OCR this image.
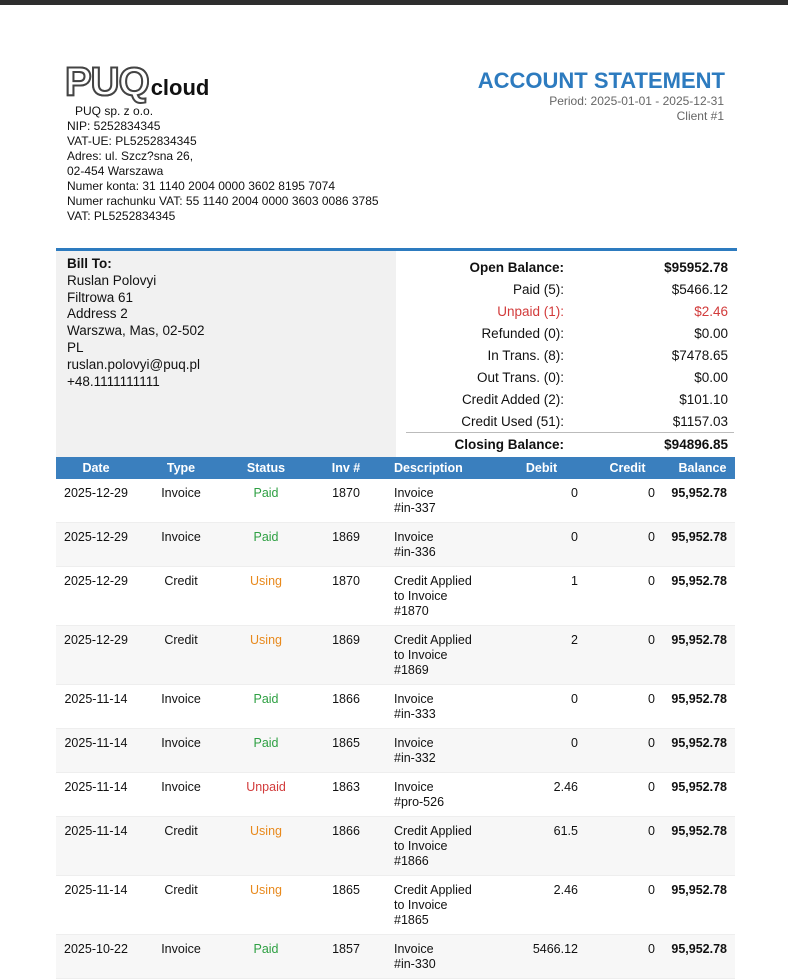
PUQ cloud
PUQ sp. z o.o.
NIP: 5252834345
VAT-UE: PL5252834345
Adres: ul. Szcz?sna 26,
02-454 Warszawa
Numer konta: 31 1140 2004 0000 3602 8195 7074
Numer rachunku VAT: 55 1140 2004 0000 3603 0086 3785
VAT: PL5252834345
ACCOUNT STATEMENT
Period: 2025-01-01 - 2025-12-31
Client #1
Bill To:
Ruslan Polovyi
Filtrowa 61
Address 2
Warszwa, Mas, 02-502
PL
ruslan.polovyi@puq.pl
+48.1111111111
Open Balance:	$95952.78
Paid (5):	$5466.12
Unpaid (1):	$2.46
Refunded (0):	$0.00
In Trans. (8):	$7478.65
Out Trans. (0):	$0.00
Credit Added (2):	$101.10
Credit Used (51):	$1157.03
Closing Balance:	$94896.85
Date	Type	Status	Inv #	Description	Debit	Credit	Balance
2025-12-29	Invoice	Paid	1870	Invoice
#in-337	0	0	95,952.78
2025-12-29	Invoice	Paid	1869	Invoice
#in-336	0	0	95,952.78
2025-12-29	Credit	Using	1870	Credit Applied
to Invoice
#1870	1	0	95,952.78
2025-12-29	Credit	Using	1869	Credit Applied
to Invoice
#1869	2	0	95,952.78
2025-11-14	Invoice	Paid	1866	Invoice
#in-333	0	0	95,952.78
2025-11-14	Invoice	Paid	1865	Invoice
#in-332	0	0	95,952.78
2025-11-14	Invoice	Unpaid	1863	Invoice
#pro-526	2.46	0	95,952.78
2025-11-14	Credit	Using	1866	Credit Applied
to Invoice
#1866	61.5	0	95,952.78
2025-11-14	Credit	Using	1865	Credit Applied
to Invoice
#1865	2.46	0	95,952.78
2025-10-22	Invoice	Paid	1857	Invoice
#in-330	5466.12	0	95,952.78
